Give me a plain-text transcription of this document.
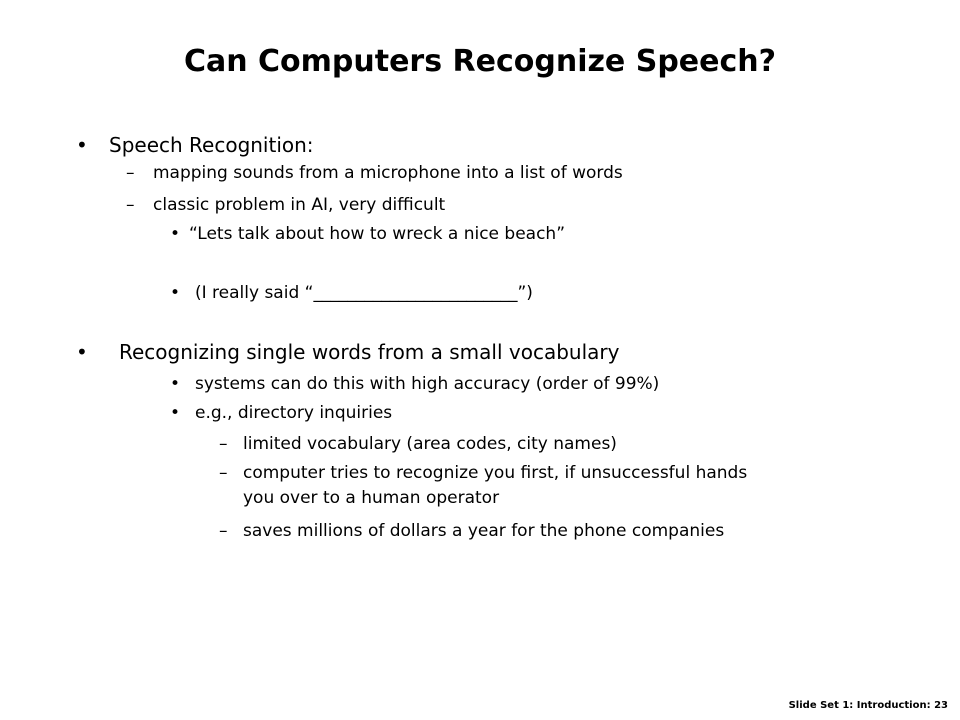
Can Computers Recognize Speech?
• Speech Recognition:
– mapping sounds from a microphone into a list of words
– classic problem in AI, very difficult
• “Lets talk about how to wreck a nice beach”
• (I really said “________________________”)
• Recognizing single words from a small vocabulary
• systems can do this with high accuracy (order of 99%)
• e.g., directory inquiries
– limited vocabulary (area codes, city names)
– computer tries to recognize you first, if unsuccessful hands
you over to a human operator
– saves millions of dollars a year for the phone companies
Slide Set 1: Introduction: 23
